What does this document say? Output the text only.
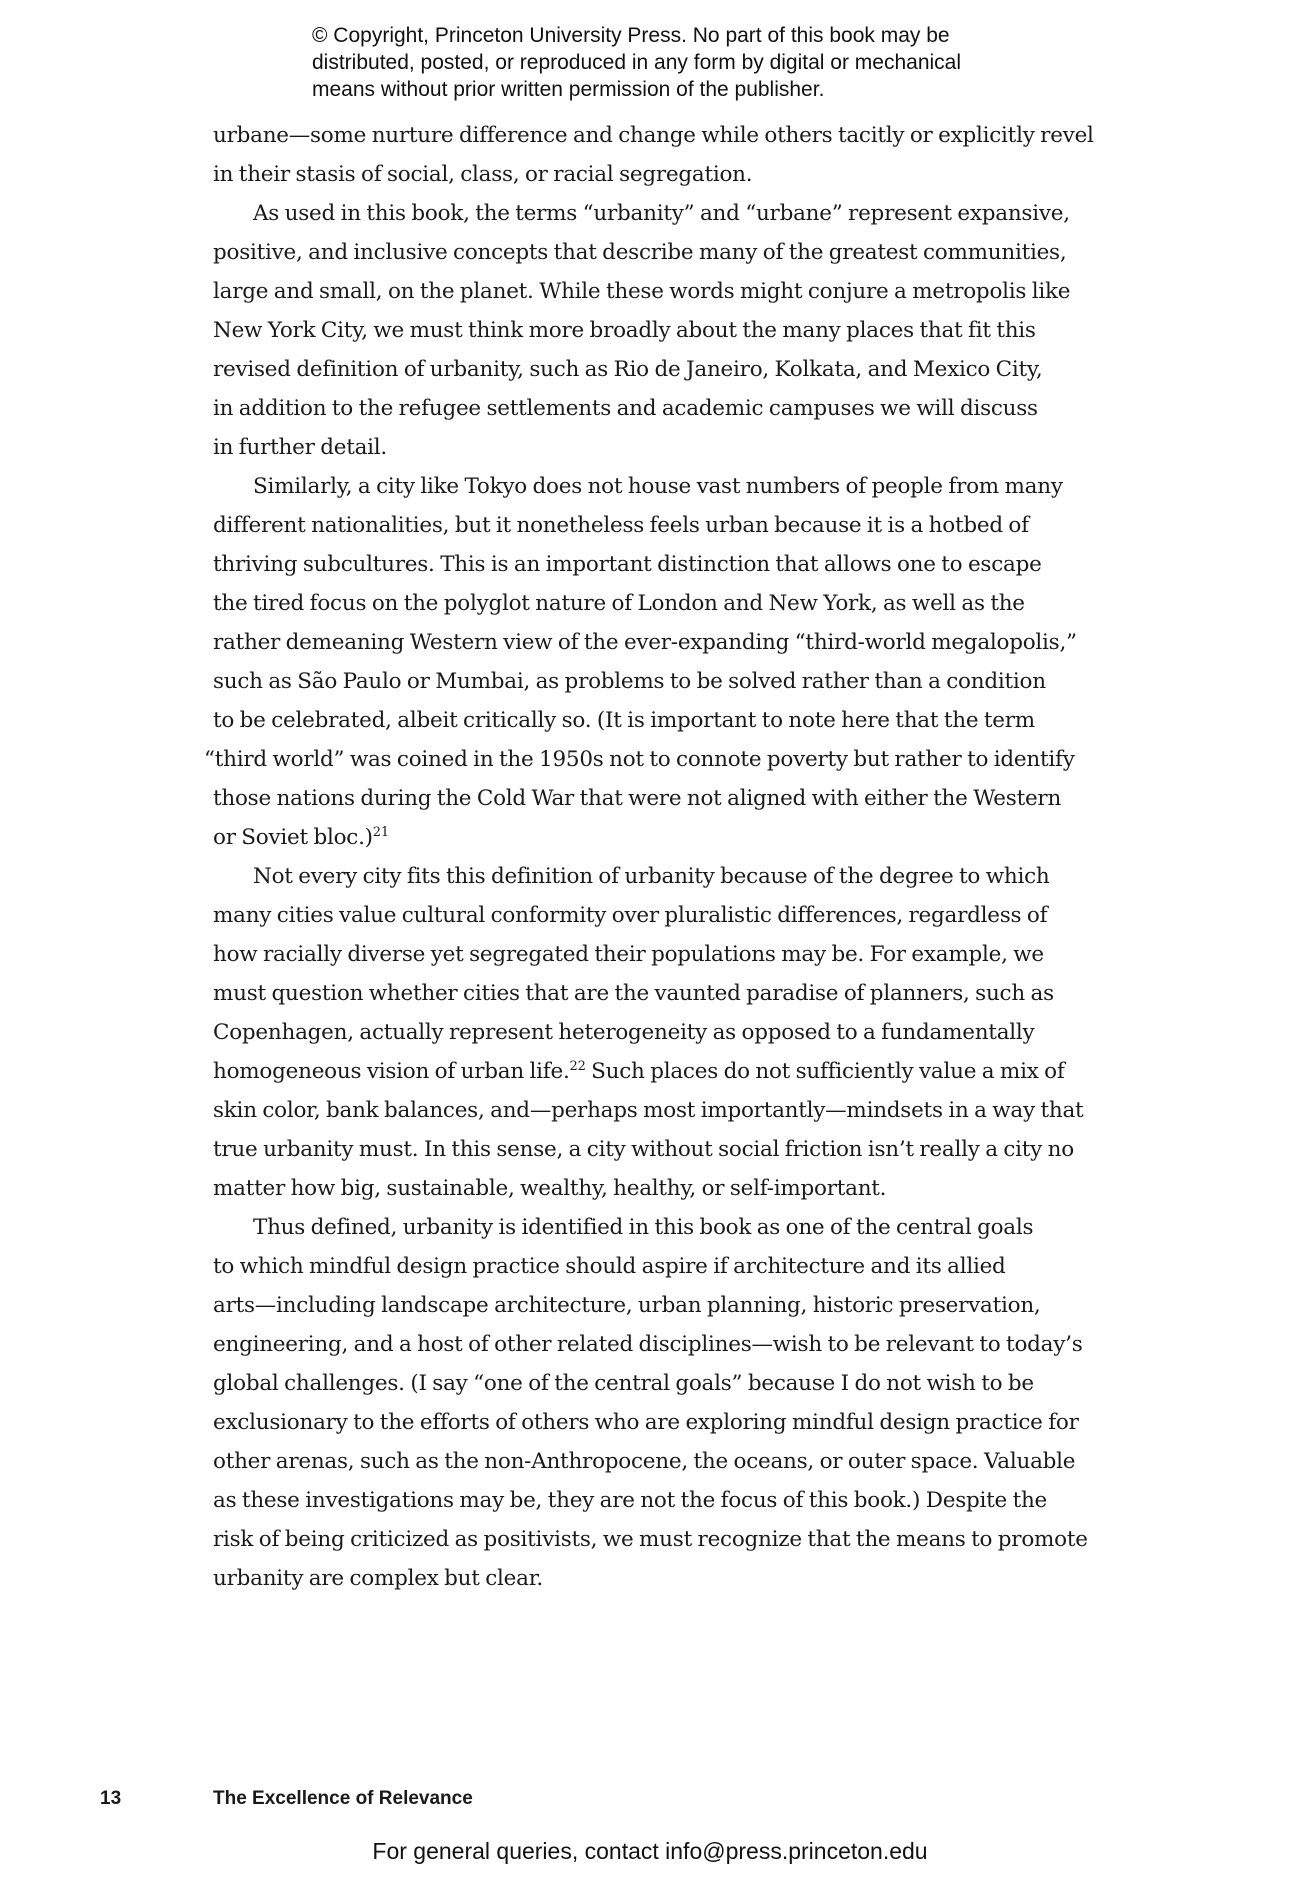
© Copyright, Princeton University Press. No part of this book may be
distributed, posted, or reproduced in any form by digital or mechanical
means without prior written permission of the publisher.
urbane—some nurture difference and change while others tacitly or explicitly revel
in their stasis of social, class, or racial segregation.
As used in this book, the terms “urbanity” and “urbane” represent expansive,
positive, and inclusive concepts that describe many of the greatest communities,
large and small, on the planet. While these words might conjure a metropolis like
New York City, we must think more broadly about the many places that fit this
revised definition of urbanity, such as Rio de Janeiro, Kolkata, and Mexico City,
in addition to the refugee settlements and academic campuses we will discuss
in further detail.
Similarly, a city like Tokyo does not house vast numbers of people from many
different nationalities, but it nonetheless feels urban because it is a hotbed of
thriving subcultures. This is an important distinction that allows one to escape
the tired focus on the polyglot nature of London and New York, as well as the
rather demeaning Western view of the ever-expanding “third-world megalopolis,”
such as São Paulo or Mumbai, as problems to be solved rather than a condition
to be celebrated, albeit critically so. (It is important to note here that the term
“third world” was coined in the 1950s not to connote poverty but rather to identify
those nations during the Cold War that were not aligned with either the Western
or Soviet bloc.)$^{21}$
Not every city fits this definition of urbanity because of the degree to which
many cities value cultural conformity over pluralistic differences, regardless of
how racially diverse yet segregated their populations may be. For example, we
must question whether cities that are the vaunted paradise of planners, such as
Copenhagen, actually represent heterogeneity as opposed to a fundamentally
homogeneous vision of urban life.$^{22}$ Such places do not sufficiently value a mix of
skin color, bank balances, and—perhaps most importantly—mindsets in a way that
true urbanity must. In this sense, a city without social friction isn’t really a city no
matter how big, sustainable, wealthy, healthy, or self-important.
Thus defined, urbanity is identified in this book as one of the central goals
to which mindful design practice should aspire if architecture and its allied
arts—including landscape architecture, urban planning, historic preservation,
engineering, and a host of other related disciplines—wish to be relevant to today’s
global challenges. (I say “one of the central goals” because I do not wish to be
exclusionary to the efforts of others who are exploring mindful design practice for
other arenas, such as the non-Anthropocene, the oceans, or outer space. Valuable
as these investigations may be, they are not the focus of this book.) Despite the
risk of being criticized as positivists, we must recognize that the means to promote
urbanity are complex but clear.
13	The Excellence of Relevance
For general queries, contact info@press.princeton.edu
